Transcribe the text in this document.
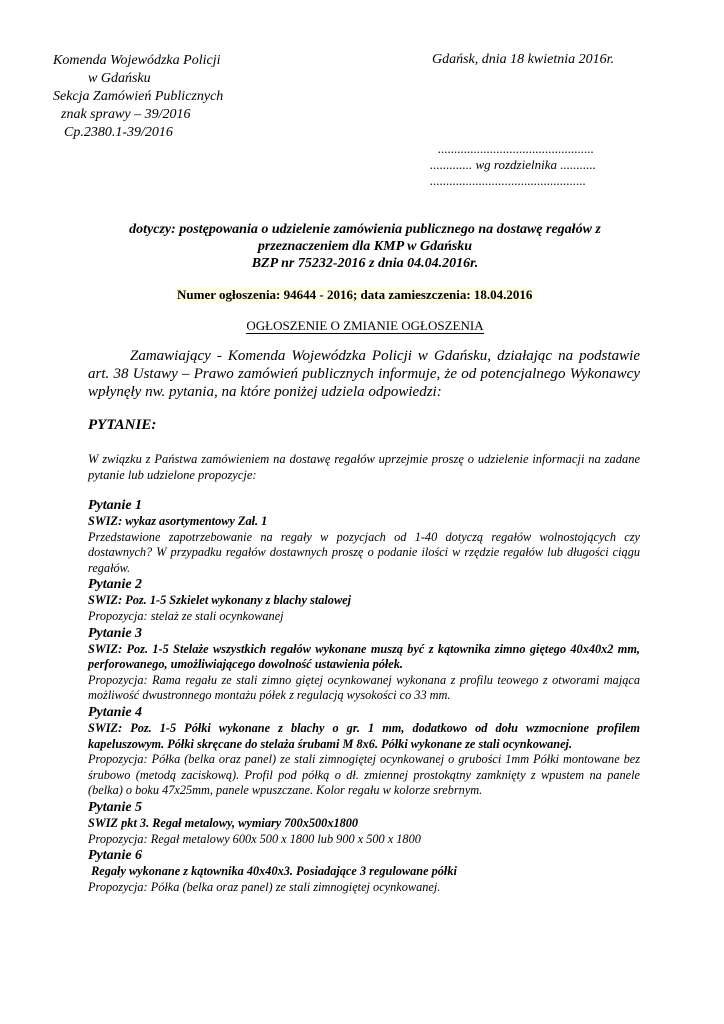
Komenda Wojewódzka Policji
w Gdańsku
Sekcja Zamówień Publicznych
znak sprawy – 39/2016
Cp.2380.1-39/2016
Gdańsk, dnia 18 kwietnia 2016r.
................................................
............. wg rozdzielnika ...........
................................................
dotyczy: postępowania o udzielenie zamówienia publicznego na dostawę regałów z
przeznaczeniem dla KMP w Gdańsku
BZP nr 75232-2016 z dnia 04.04.2016r.
Numer ogłoszenia: 94644 - 2016; data zamieszczenia: 18.04.2016
OGŁOSZENIE O ZMIANIE OGŁOSZENIA
Zamawiający - Komenda Wojewódzka Policji w Gdańsku, działając na podstawie art. 38 Ustawy – Prawo zamówień publicznych informuje, że od potencjalnego Wykonawcy wpłynęły nw. pytania, na które poniżej udziela odpowiedzi:
PYTANIE:
W związku z Państwa zamówieniem na dostawę regałów uprzejmie proszę o udzielenie informacji na zadane pytanie lub udzielone propozycje:
Pytanie 1
SWIZ: wykaz asortymentowy Zał. 1
Przedstawione zapotrzebowanie na regały w pozycjach od 1-40 dotyczą regałów wolnostojących czy dostawnych? W przypadku regałów dostawnych proszę o podanie ilości w rzędzie regałów lub długości ciągu regałów.
Pytanie 2
SWIZ: Poz. 1-5 Szkielet wykonany z blachy stalowej
Propozycja: stelaż ze stali ocynkowanej
Pytanie 3
SWIZ: Poz. 1-5 Stelaże wszystkich regałów wykonane muszą być z kątownika zimno giętego 40x40x2 mm, perforowanego, umożliwiającego dowolność ustawienia półek.
Propozycja: Rama regału ze stali zimno giętej ocynkowanej wykonana z profilu teowego z otworami mająca możliwość dwustronnego montażu półek z regulacją wysokości co 33 mm.
Pytanie 4
SWIZ: Poz. 1-5 Półki wykonane z blachy o gr. 1 mm, dodatkowo od dołu wzmocnione profilem kapeluszowym. Półki skręcane do stelaża śrubami M 8x6. Półki wykonane ze stali ocynkowanej.
Propozycja: Półka (belka oraz panel) ze stali zimnogiętej ocynkowanej o grubości 1mm Półki montowane bez śrubowo (metodą zaciskową). Profil pod półką o dł. zmiennej prostokątny zamknięty z wpustem na panele (belka) o boku 47x25mm, panele wpuszczane. Kolor regału w kolorze srebrnym.
Pytanie 5
SWIZ pkt 3. Regał metalowy, wymiary 700x500x1800
Propozycja: Regał metalowy 600x 500 x 1800 lub 900 x 500 x 1800
Pytanie 6
Regały wykonane z kątownika 40x40x3. Posiadające 3 regulowane półki
Propozycja: Półka (belka oraz panel) ze stali zimnogiętej ocynkowanej.
